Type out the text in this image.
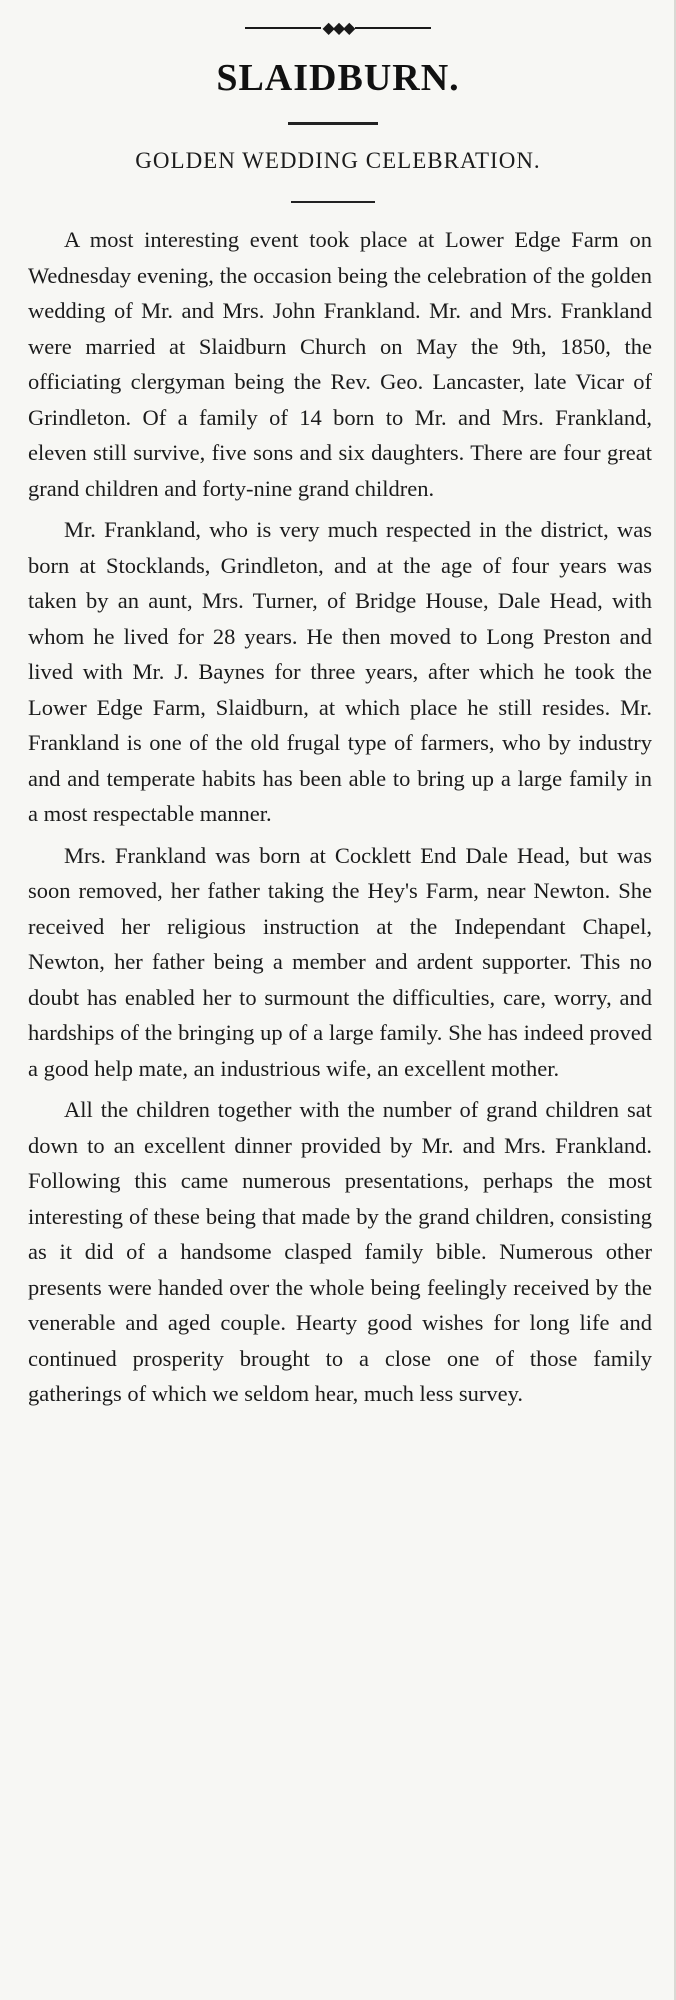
◆◆◆
SLAIDBURN.
GOLDEN WEDDING CELEBRATION.

A most interesting event took place at Lower Edge Farm on Wednesday evening, the occasion being the celebration of the golden wedding of Mr. and Mrs. John Frankland. Mr. and Mrs. Frankland were married at Slaidburn Church on May the 9th, 1850, the officiating clergyman being the Rev. Geo. Lancaster, late Vicar of Grindleton. Of a family of 14 born to Mr. and Mrs. Frankland, eleven still survive, five sons and six daughters. There are four great grand children and forty-nine grand children.

Mr. Frankland, who is very much respected in the district, was born at Stocklands, Grindleton, and at the age of four years was taken by an aunt, Mrs. Turner, of Bridge House, Dale Head, with whom he lived for 28 years. He then moved to Long Preston and lived with Mr. J. Baynes for three years, after which he took the Lower Edge Farm, Slaidburn, at which place he still resides. Mr. Frankland is one of the old frugal type of farmers, who by industry and and temperate habits has been able to bring up a large family in a most respectable manner.

Mrs. Frankland was born at Cocklett End Dale Head, but was soon removed, her father taking the Hey's Farm, near Newton. She received her religious instruction at the Independant Chapel, Newton, her father being a member and ardent supporter. This no doubt has enabled her to surmount the difficulties, care, worry, and hardships of the bringing up of a large family. She has indeed proved a good help mate, an industrious wife, an excellent mother.

All the children together with the number of grand children sat down to an excellent dinner provided by Mr. and Mrs. Frankland. Following this came numerous presentations, perhaps the most interesting of these being that made by the grand children, consisting as it did of a handsome clasped family bible. Numerous other presents were handed over the whole being feelingly received by the venerable and aged couple. Hearty good wishes for long life and continued prosperity brought to a close one of those family gatherings of which we seldom hear, much less survey.
